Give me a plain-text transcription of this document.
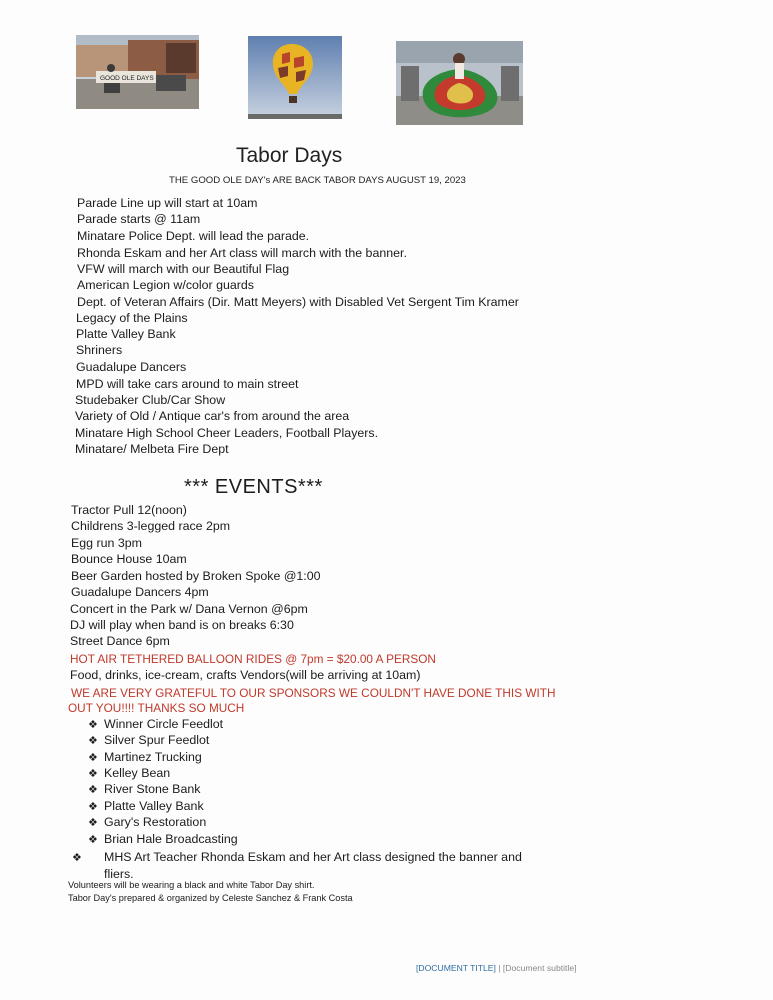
GOOD OLE DAYS
Tabor Days
THE GOOD OLE DAY's ARE BACK TABOR DAYS AUGUST 19, 2023
Parade Line up will start at 10am
Parade starts @ 11am
Minatare Police Dept. will lead the parade.
Rhonda Eskam and her Art class will march with the banner.
VFW will march with our Beautiful Flag
American Legion w/color guards
Dept. of Veteran Affairs (Dir. Matt Meyers) with Disabled Vet Sergent Tim Kramer
Legacy of the Plains
Platte Valley Bank
Shriners
Guadalupe Dancers
MPD will take cars around to main street
Studebaker Club/Car Show
Variety of Old / Antique car's from around the area
Minatare High School Cheer Leaders, Football Players.
Minatare/ Melbeta Fire Dept
*** EVENTS***
Tractor Pull 12(noon)
Childrens 3-legged race 2pm
Egg run 3pm
Bounce House 10am
Beer Garden hosted by Broken Spoke @1:00
Guadalupe Dancers 4pm
Concert in the Park w/ Dana Vernon @6pm
DJ will play when band is on breaks 6:30
Street Dance 6pm
HOT AIR TETHERED BALLOON RIDES @ 7pm = $20.00 A PERSON
Food, drinks, ice-cream, crafts Vendors(will be arriving at 10am)
WE ARE VERY GRATEFUL TO OUR SPONSORS WE COULDN'T HAVE DONE THIS WITH
OUT YOU!!!! THANKS SO MUCH
❖ Winner Circle Feedlot
❖ Silver Spur Feedlot
❖ Martinez Trucking
❖ Kelley Bean
❖ River Stone Bank
❖ Platte Valley Bank
❖ Gary's Restoration
❖ Brian Hale Broadcasting
❖ MHS Art Teacher Rhonda Eskam and her Art class designed the banner and fliers.
Volunteers will be wearing a black and white Tabor Day shirt.
Tabor Day's prepared & organized by Celeste Sanchez & Frank Costa
[DOCUMENT TITLE] | [Document subtitle]
